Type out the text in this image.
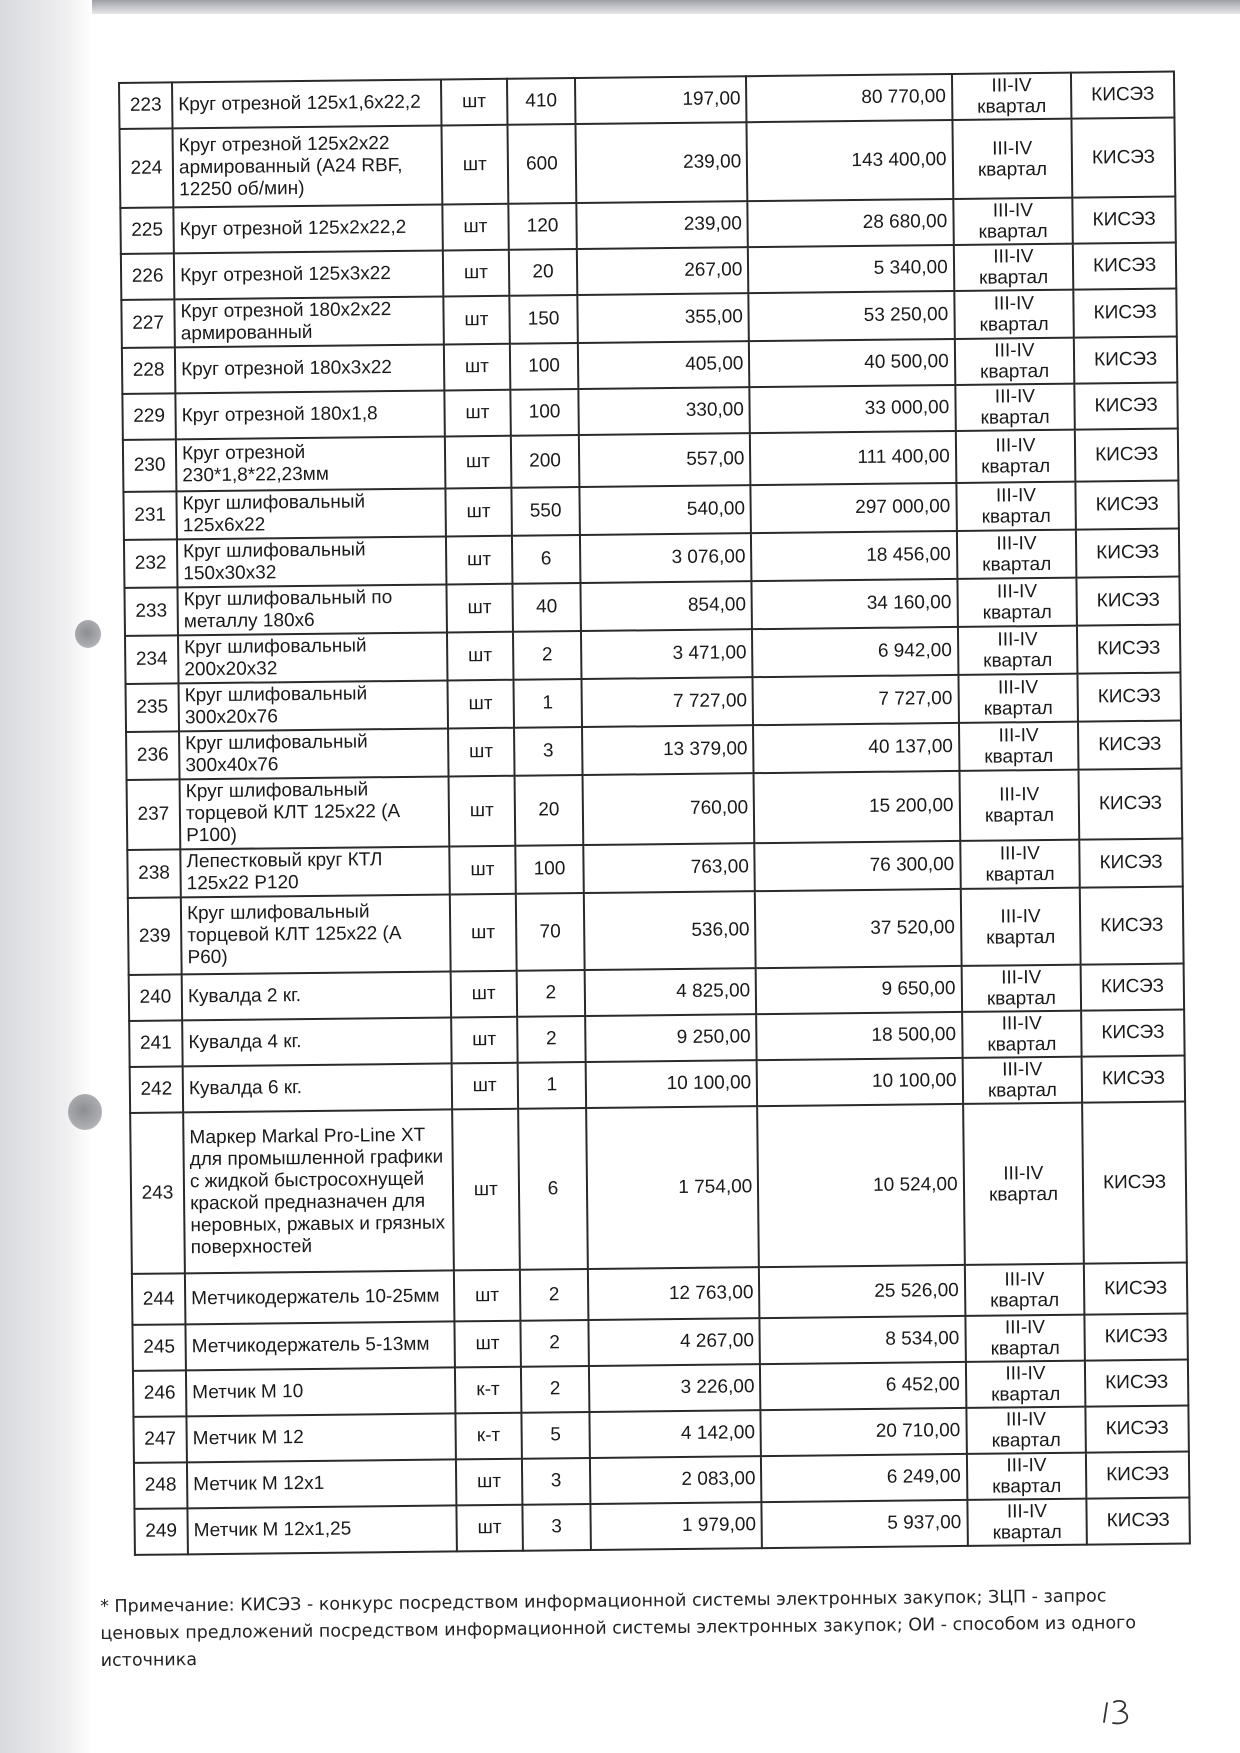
223	Круг отрезной 125х1,6х22,2	шт	410	197,00	80 770,00	III-IV квартал	КИСЭЗ
224	Круг отрезной 125х2х22 армированный (А24 RBF, 12250 об/мин)	шт	600	239,00	143 400,00	III-IV квартал	КИСЭЗ
225	Круг отрезной 125х2х22,2	шт	120	239,00	28 680,00	III-IV квартал	КИСЭЗ
226	Круг отрезной 125х3х22	шт	20	267,00	5 340,00	III-IV квартал	КИСЭЗ
227	Круг отрезной 180х2х22 армированный	шт	150	355,00	53 250,00	III-IV квартал	КИСЭЗ
228	Круг отрезной 180х3х22	шт	100	405,00	40 500,00	III-IV квартал	КИСЭЗ
229	Круг отрезной 180х1,8	шт	100	330,00	33 000,00	III-IV квартал	КИСЭЗ
230	Круг отрезной 230*1,8*22,23мм	шт	200	557,00	111 400,00	III-IV квартал	КИСЭЗ
231	Круг шлифовальный 125х6х22	шт	550	540,00	297 000,00	III-IV квартал	КИСЭЗ
232	Круг шлифовальный 150х30х32	шт	6	3 076,00	18 456,00	III-IV квартал	КИСЭЗ
233	Круг шлифовальный по металлу 180х6	шт	40	854,00	34 160,00	III-IV квартал	КИСЭЗ
234	Круг шлифовальный 200х20х32	шт	2	3 471,00	6 942,00	III-IV квартал	КИСЭЗ
235	Круг шлифовальный 300х20х76	шт	1	7 727,00	7 727,00	III-IV квартал	КИСЭЗ
236	Круг шлифовальный 300х40х76	шт	3	13 379,00	40 137,00	III-IV квартал	КИСЭЗ
237	Круг шлифовальный торцевой КЛТ 125х22 (А Р100)	шт	20	760,00	15 200,00	III-IV квартал	КИСЭЗ
238	Лепестковый круг КТЛ 125х22 Р120	шт	100	763,00	76 300,00	III-IV квартал	КИСЭЗ
239	Круг шлифовальный торцевой КЛТ 125х22 (А Р60)	шт	70	536,00	37 520,00	III-IV квартал	КИСЭЗ
240	Кувалда 2 кг.	шт	2	4 825,00	9 650,00	III-IV квартал	КИСЭЗ
241	Кувалда 4 кг.	шт	2	9 250,00	18 500,00	III-IV квартал	КИСЭЗ
242	Кувалда 6 кг.	шт	1	10 100,00	10 100,00	III-IV квартал	КИСЭЗ
243	Маркер Markal Pro-Line XT для промышленной графики с жидкой быстросохнущей краской предназначен для неровных, ржавых и грязных поверхностей	шт	6	1 754,00	10 524,00	III-IV квартал	КИСЭЗ
244	Метчикодержатель 10-25мм	шт	2	12 763,00	25 526,00	III-IV квартал	КИСЭЗ
245	Метчикодержатель 5-13мм	шт	2	4 267,00	8 534,00	III-IV квартал	КИСЭЗ
246	Метчик М 10	к-т	2	3 226,00	6 452,00	III-IV квартал	КИСЭЗ
247	Метчик М 12	к-т	5	4 142,00	20 710,00	III-IV квартал	КИСЭЗ
248	Метчик М 12х1	шт	3	2 083,00	6 249,00	III-IV квартал	КИСЭЗ
249	Метчик М 12х1,25	шт	3	1 979,00	5 937,00	III-IV квартал	КИСЭЗ
* Примечание: КИСЭЗ - конкурс посредством информационной системы электронных закупок; ЗЦП - запрос ценовых предложений посредством информационной системы электронных закупок; ОИ - способом из одного источника
